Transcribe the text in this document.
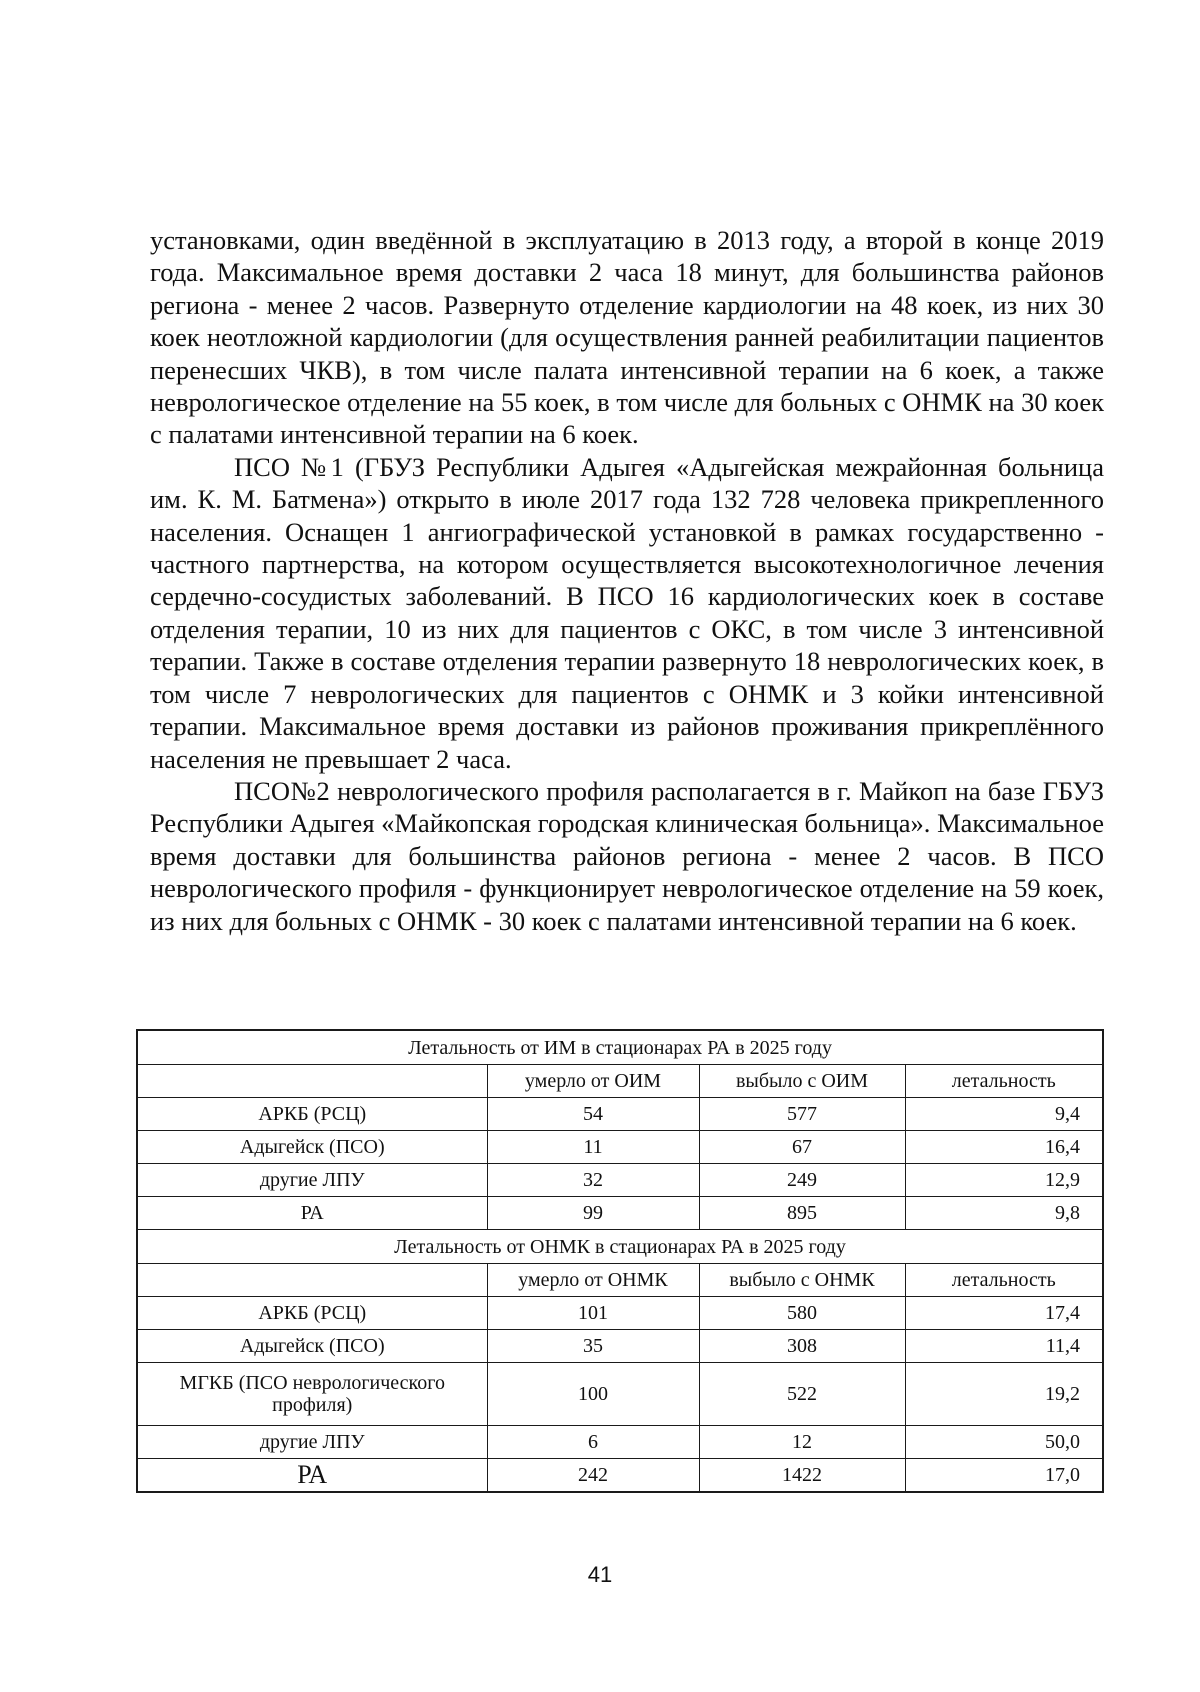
установками, один введённой в эксплуатацию в 2013 году, а второй в конце 2019 года. Максимальное время доставки 2 часа 18 минут, для большинства районов региона - менее 2 часов. Развернуто отделение кардиологии на 48 коек, из них 30 коек неотложной кардиологии (для осуществления ранней реабилитации пациентов перенесших ЧКВ), в том числе палата интенсивной терапии на 6 коек, а также неврологическое отделение на 55 коек, в том числе для больных с ОНМК на 30 коек с палатами интенсивной терапии на 6 коек.

ПСО №1 (ГБУЗ Республики Адыгея «Адыгейская межрайонная больница им. К. М. Батмена») открыто в июле 2017 года 132 728 человека прикрепленного населения. Оснащен 1 ангиографической установкой в рамках государственно - частного партнерства, на котором осуществляется высокотехнологичное лечения сердечно-сосудистых заболеваний. В ПСО 16 кардиологических коек в составе отделения терапии, 10 из них для пациентов с ОКС, в том числе 3 интенсивной терапии. Также в составе отделения терапии развернуто 18 неврологических коек, в том числе 7 неврологических для пациентов с ОНМК и 3 койки интенсивной терапии. Максимальное время доставки из районов проживания прикреплённого населения не превышает 2 часа.

ПСО№2 неврологического профиля располагается в г. Майкоп на базе ГБУЗ Республики Адыгея «Майкопская городская клиническая больница». Максимальное время доставки для большинства районов региона - менее 2 часов. В ПСО неврологического профиля - функционирует неврологическое отделение на 59 коек, из них для больных с ОНМК - 30 коек с палатами интенсивной терапии на 6 коек.

Летальность от ИМ в стационарах РА в 2025 году			
	умерло от ОИМ	выбыло с ОИМ	летальность
АРКБ (РСЦ)	54	577	9,4
Адыгейск (ПСО)	11	67	16,4
другие ЛПУ	32	249	12,9
РА	99	895	9,8
Летальность от ОНМК в стационарах РА в 2025 году			
	умерло от ОНМК	выбыло с ОНМК	летальность
АРКБ (РСЦ)	101	580	17,4
Адыгейск (ПСО)	35	308	11,4
МГКБ (ПСО неврологического профиля)	100	522	19,2
другие ЛПУ	6	12	50,0
РА	242	1422	17,0
41
